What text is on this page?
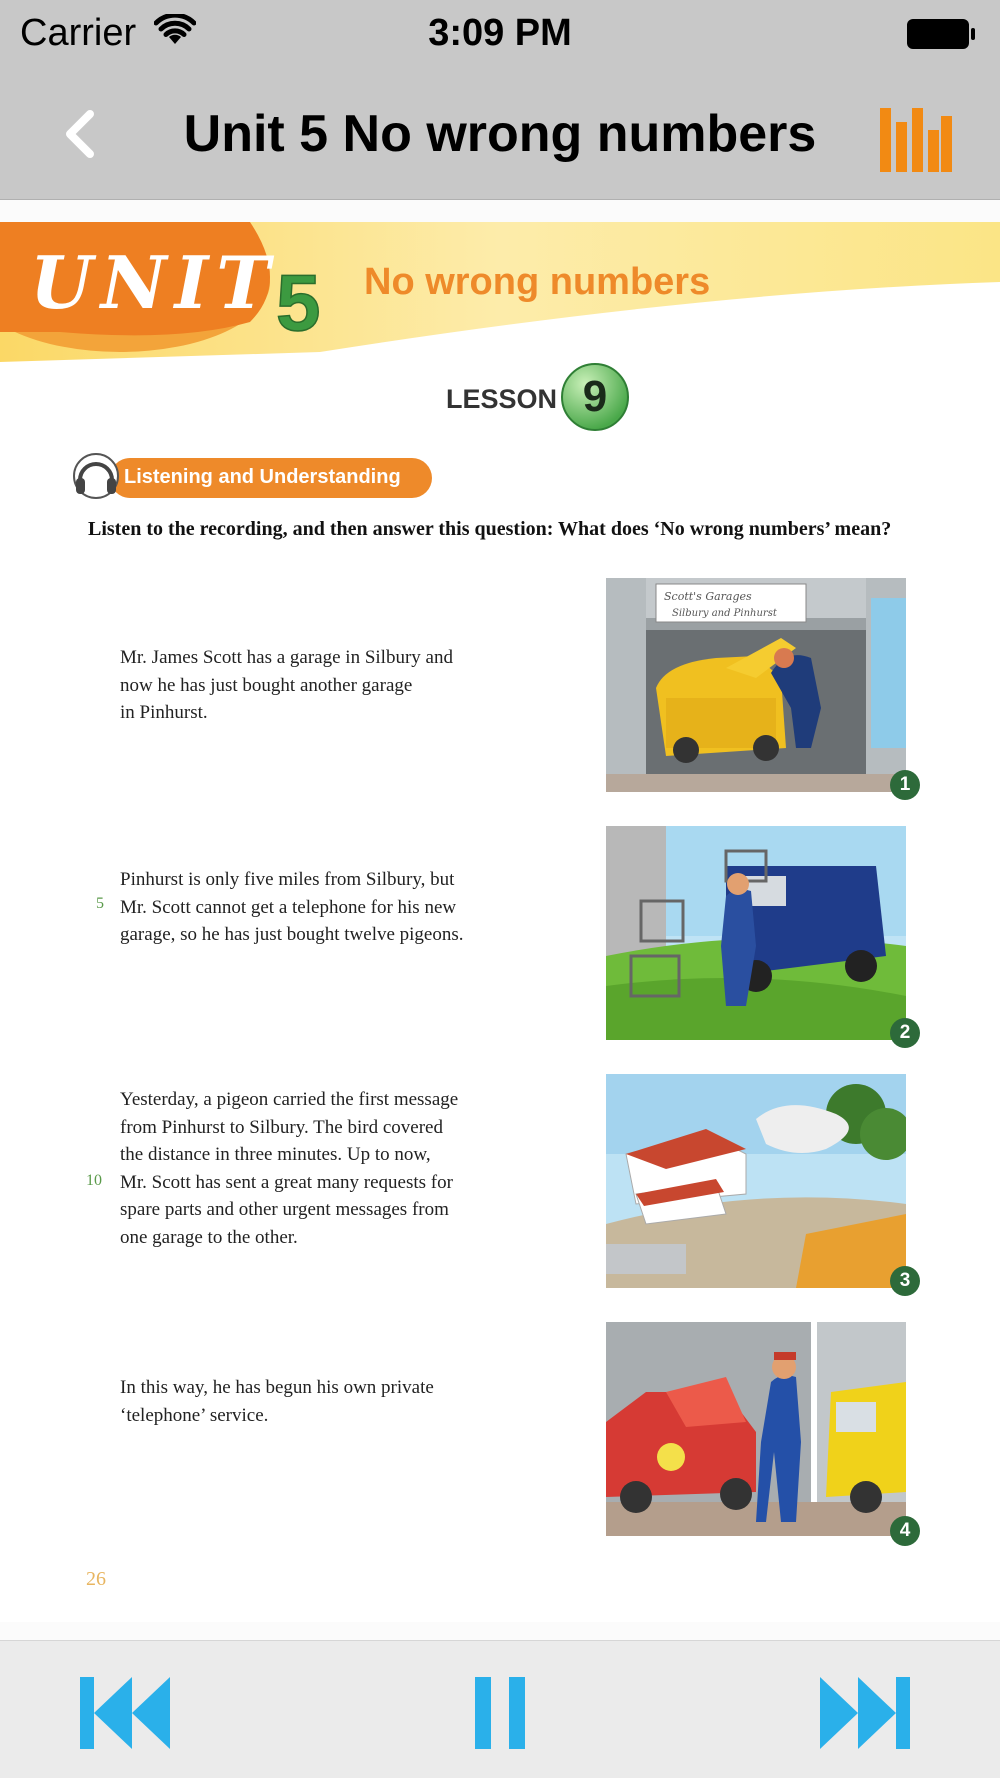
Carrier	3:09 PM
Unit 5 No wrong numbers
UNIT
5 No wrong numbers
LESSON 9
Listening and Understanding
Listen to the recording, and then answer this question: What does ‘No wrong numbers’ mean?
Mr. James Scott has a garage in Silbury and
now he has just bought another garage
in Pinhurst.
5
Pinhurst is only five miles from Silbury, but
Mr. Scott cannot get a telephone for his new
garage, so he has just bought twelve pigeons.
10
Yesterday, a pigeon carried the first message
from Pinhurst to Silbury. The bird covered
the distance in three minutes. Up to now,
Mr. Scott has sent a great many requests for
spare parts and other urgent messages from
one garage to the other.
In this way, he has begun his own private
‘telephone’ service.
Scott's Garages
Silbury and Pinhurst
1
2
3
4
26
